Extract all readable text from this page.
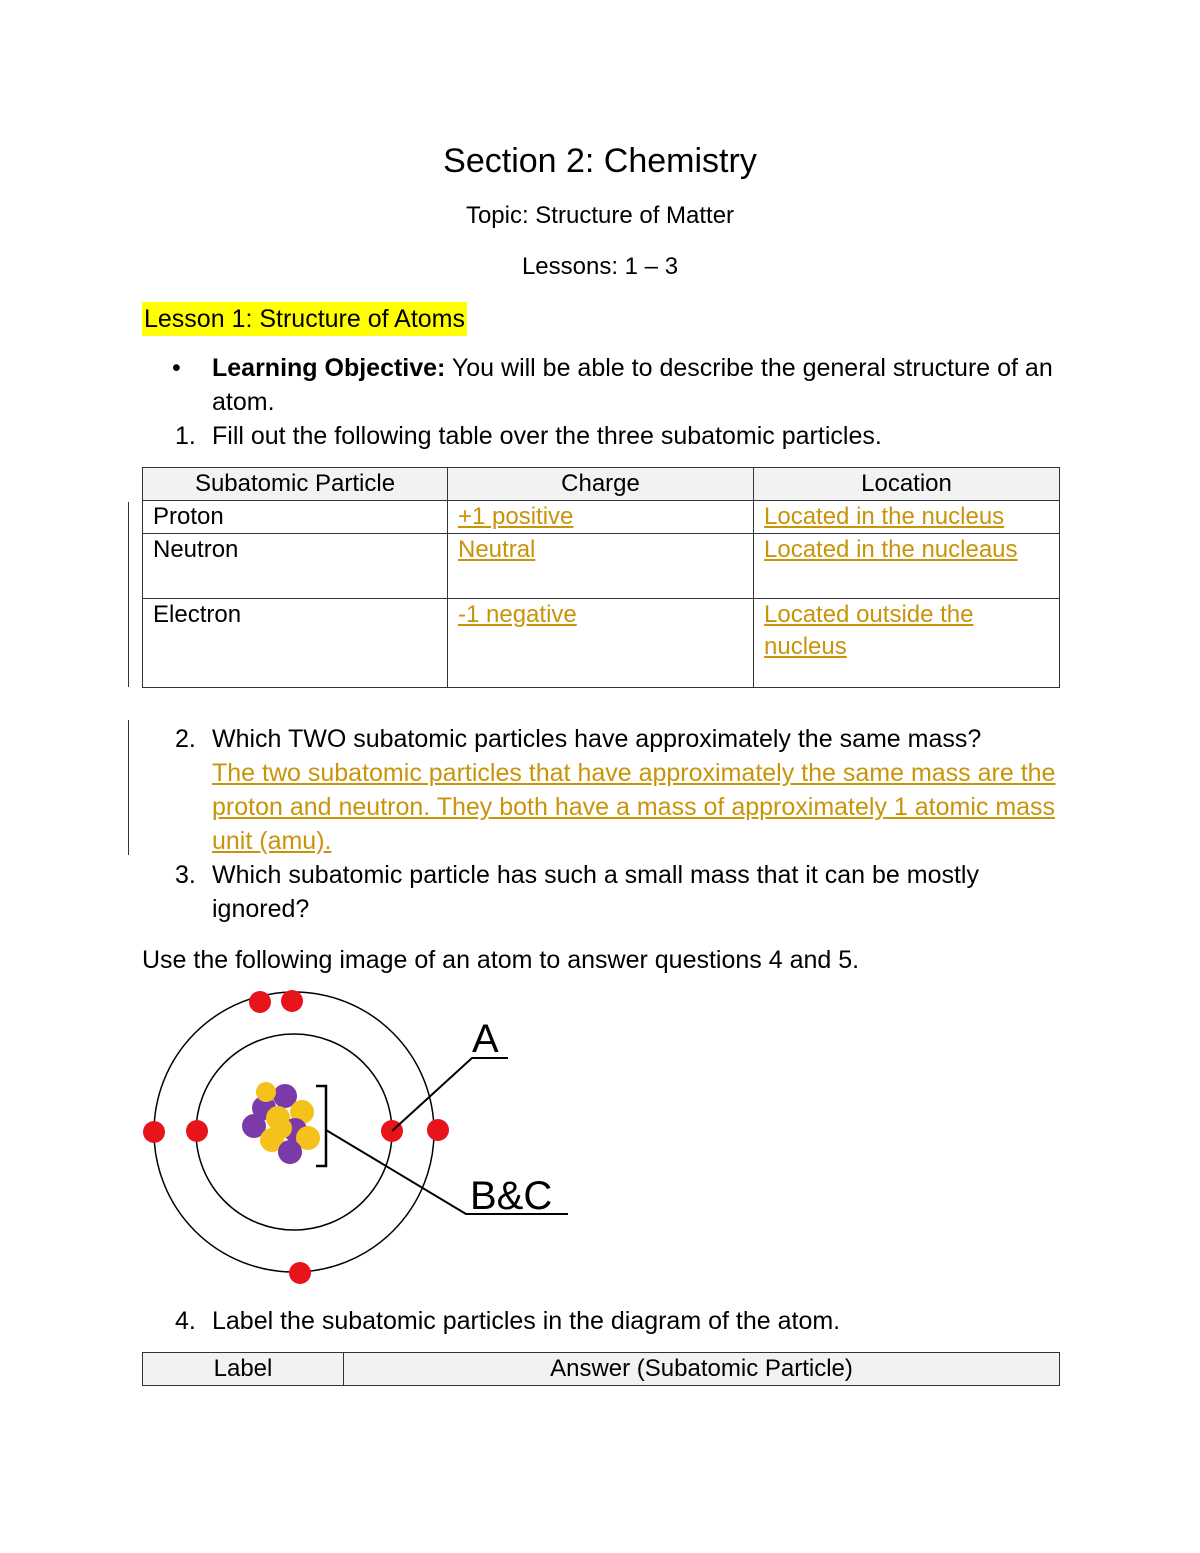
Section 2: Chemistry
Topic: Structure of Matter
Lessons: 1 – 3
Lesson 1: Structure of Atoms
• Learning Objective: You will be able to describe the general structure of an atom.
1. Fill out the following table over the three subatomic particles.
Subatomic Particle	Charge	Location
Proton	+1 positive	Located in the nucleus
Neutron	Neutral	Located in the nucleaus
Electron	-1 negative	Located outside the nucleus
2. Which TWO subatomic particles have approximately the same mass?
The two subatomic particles that have approximately the same mass are the proton and neutron. They both have a mass of approximately 1 atomic mass unit (amu).
3. Which subatomic particle has such a small mass that it can be mostly ignored?
Use the following image of an atom to answer questions 4 and 5.
A
B&C
4. Label the subatomic particles in the diagram of the atom.
Label	Answer (Subatomic Particle)
